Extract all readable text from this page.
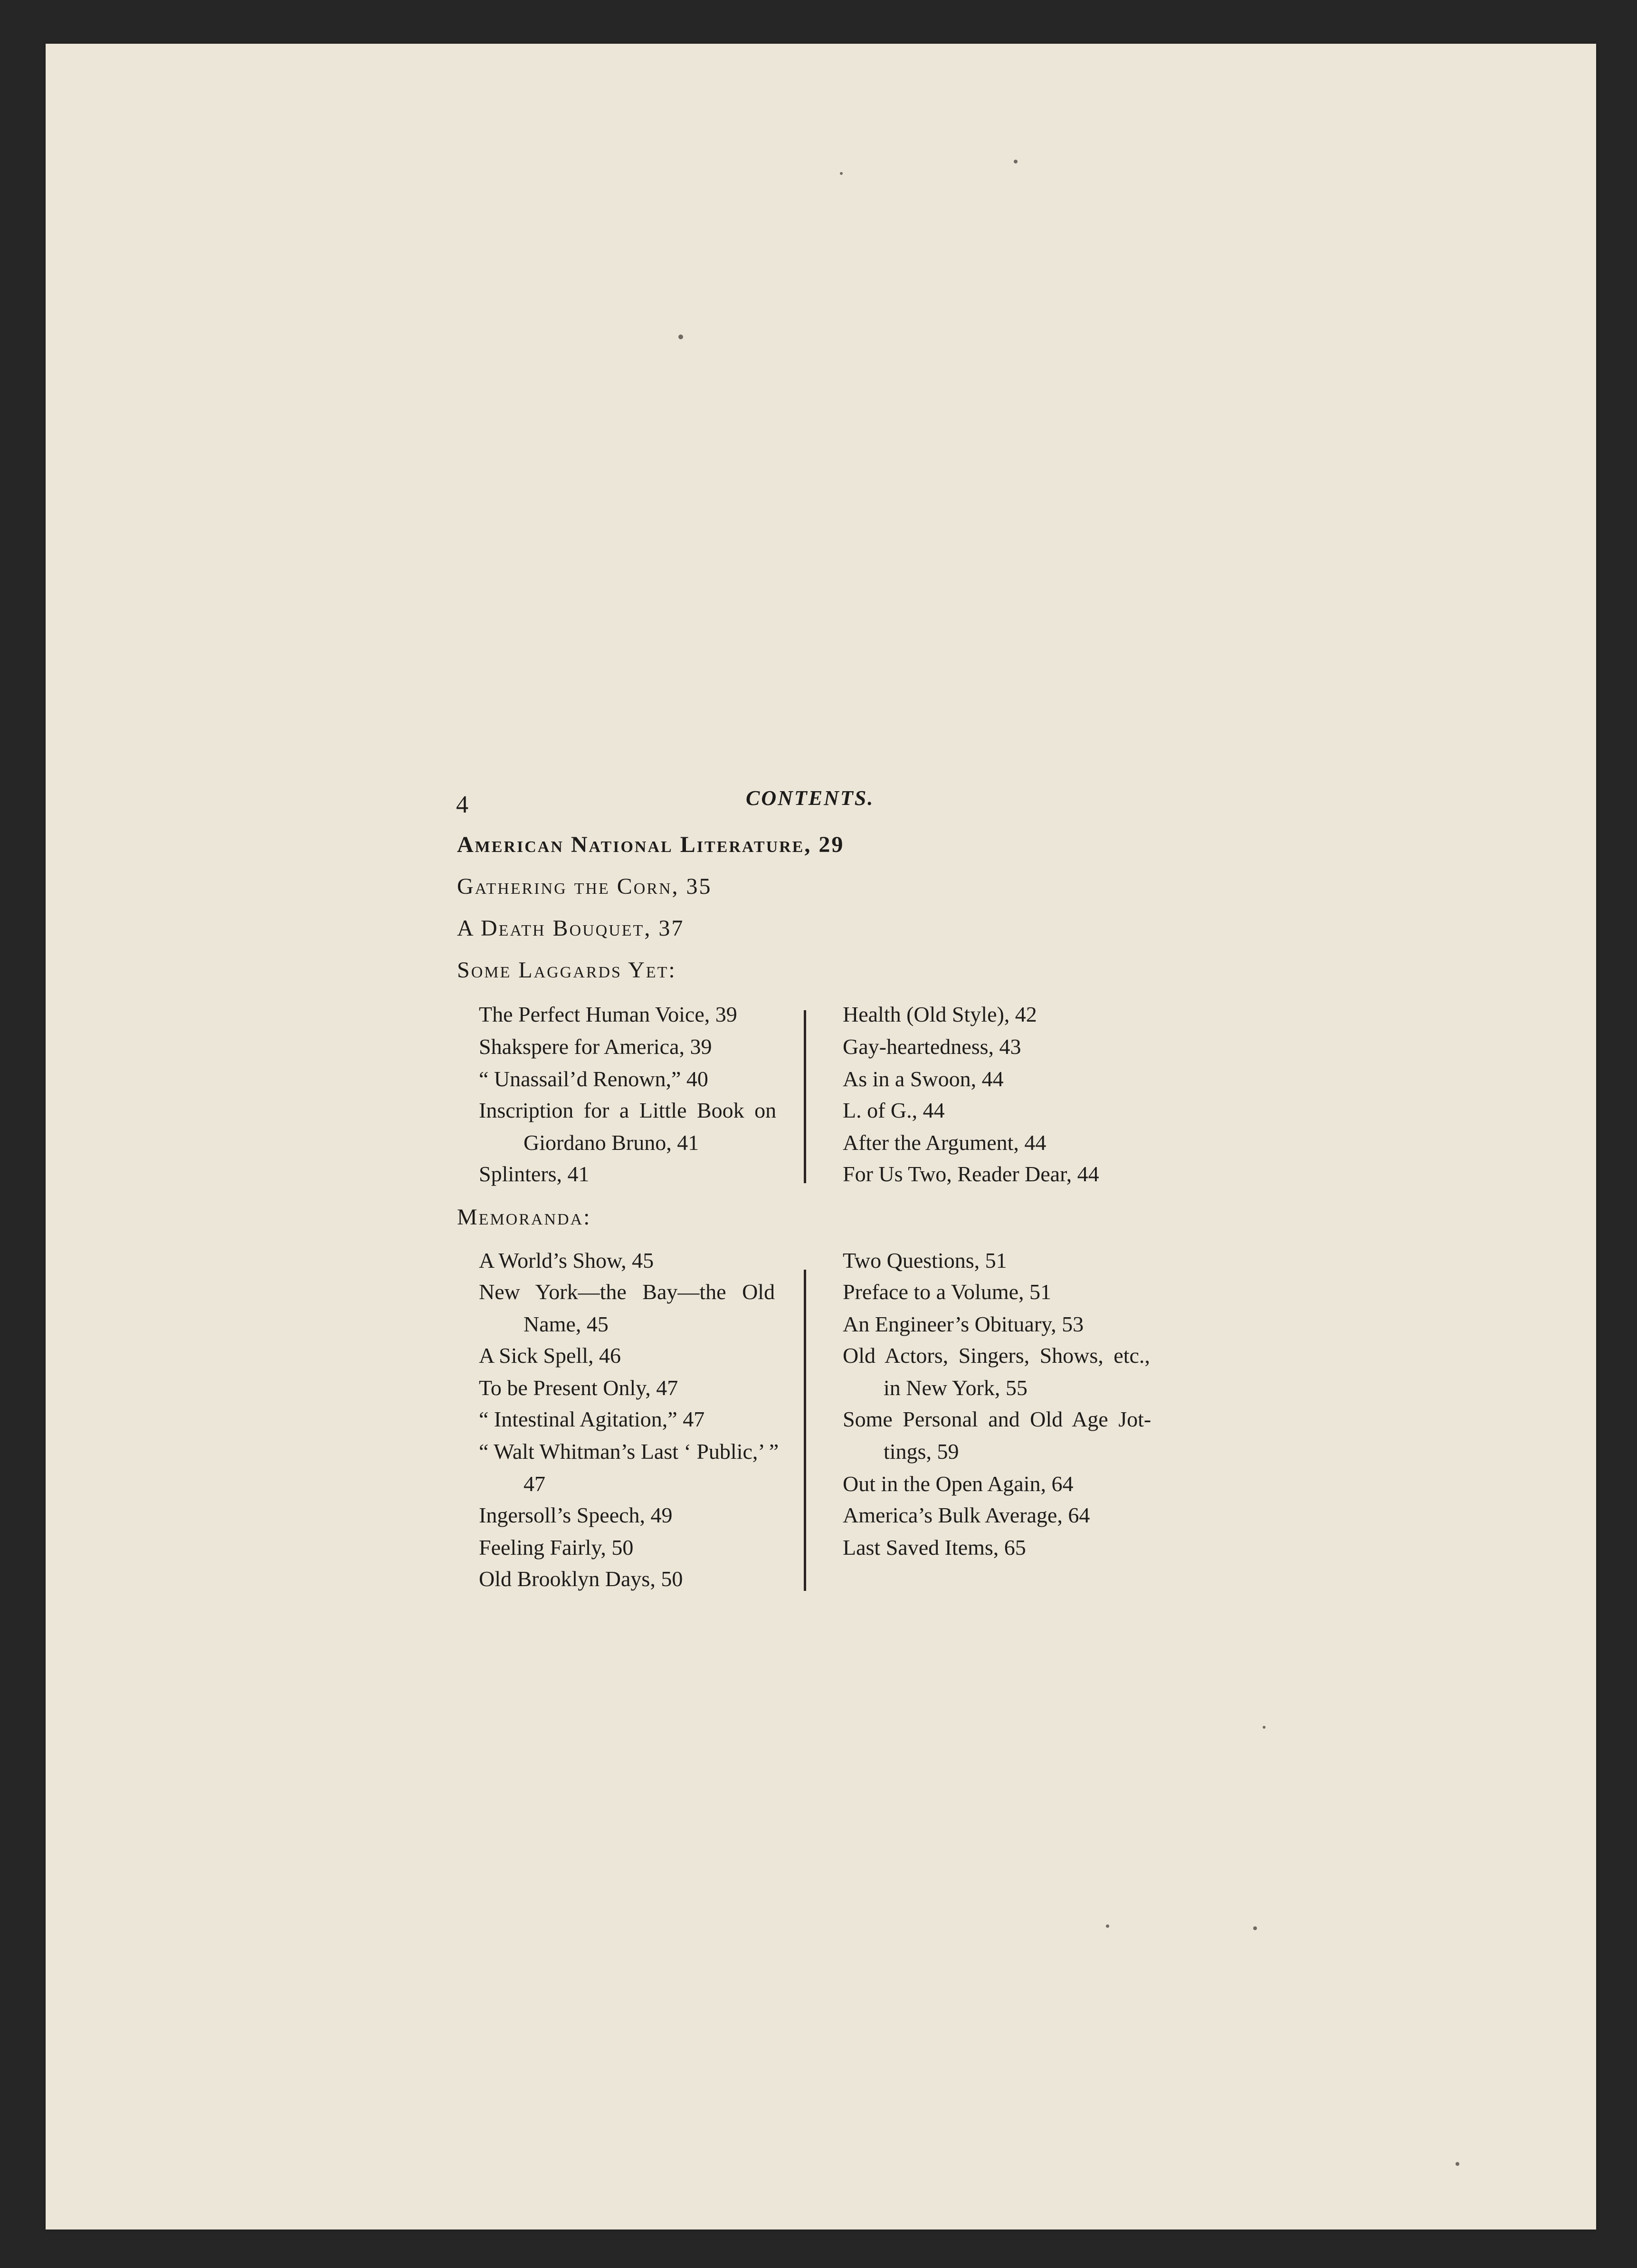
4	CONTENTS.
American National Literature, 29
Gathering the Corn, 35
A Death Bouquet, 37
Some Laggards Yet:
The Perfect Human Voice, 39
Shakspere for America, 39
“ Unassail’d Renown,” 40
Inscription for a Little Book on
Giordano Bruno, 41
Splinters, 41
Health (Old Style), 42
Gay-heartedness, 43
As in a Swoon, 44
L. of G., 44
After the Argument, 44
For Us Two, Reader Dear, 44
Memoranda:
A World’s Show, 45
New York—the Bay—the Old
Name, 45
A Sick Spell, 46
To be Present Only, 47
“ Intestinal Agitation,” 47
“ Walt Whitman’s Last ‘ Public,’ ”
47
Ingersoll’s Speech, 49
Feeling Fairly, 50
Old Brooklyn Days, 50
Two Questions, 51
Preface to a Volume, 51
An Engineer’s Obituary, 53
Old Actors, Singers, Shows, etc.,
in New York, 55
Some Personal and Old Age Jot-
tings, 59
Out in the Open Again, 64
America’s Bulk Average, 64
Last Saved Items, 65
